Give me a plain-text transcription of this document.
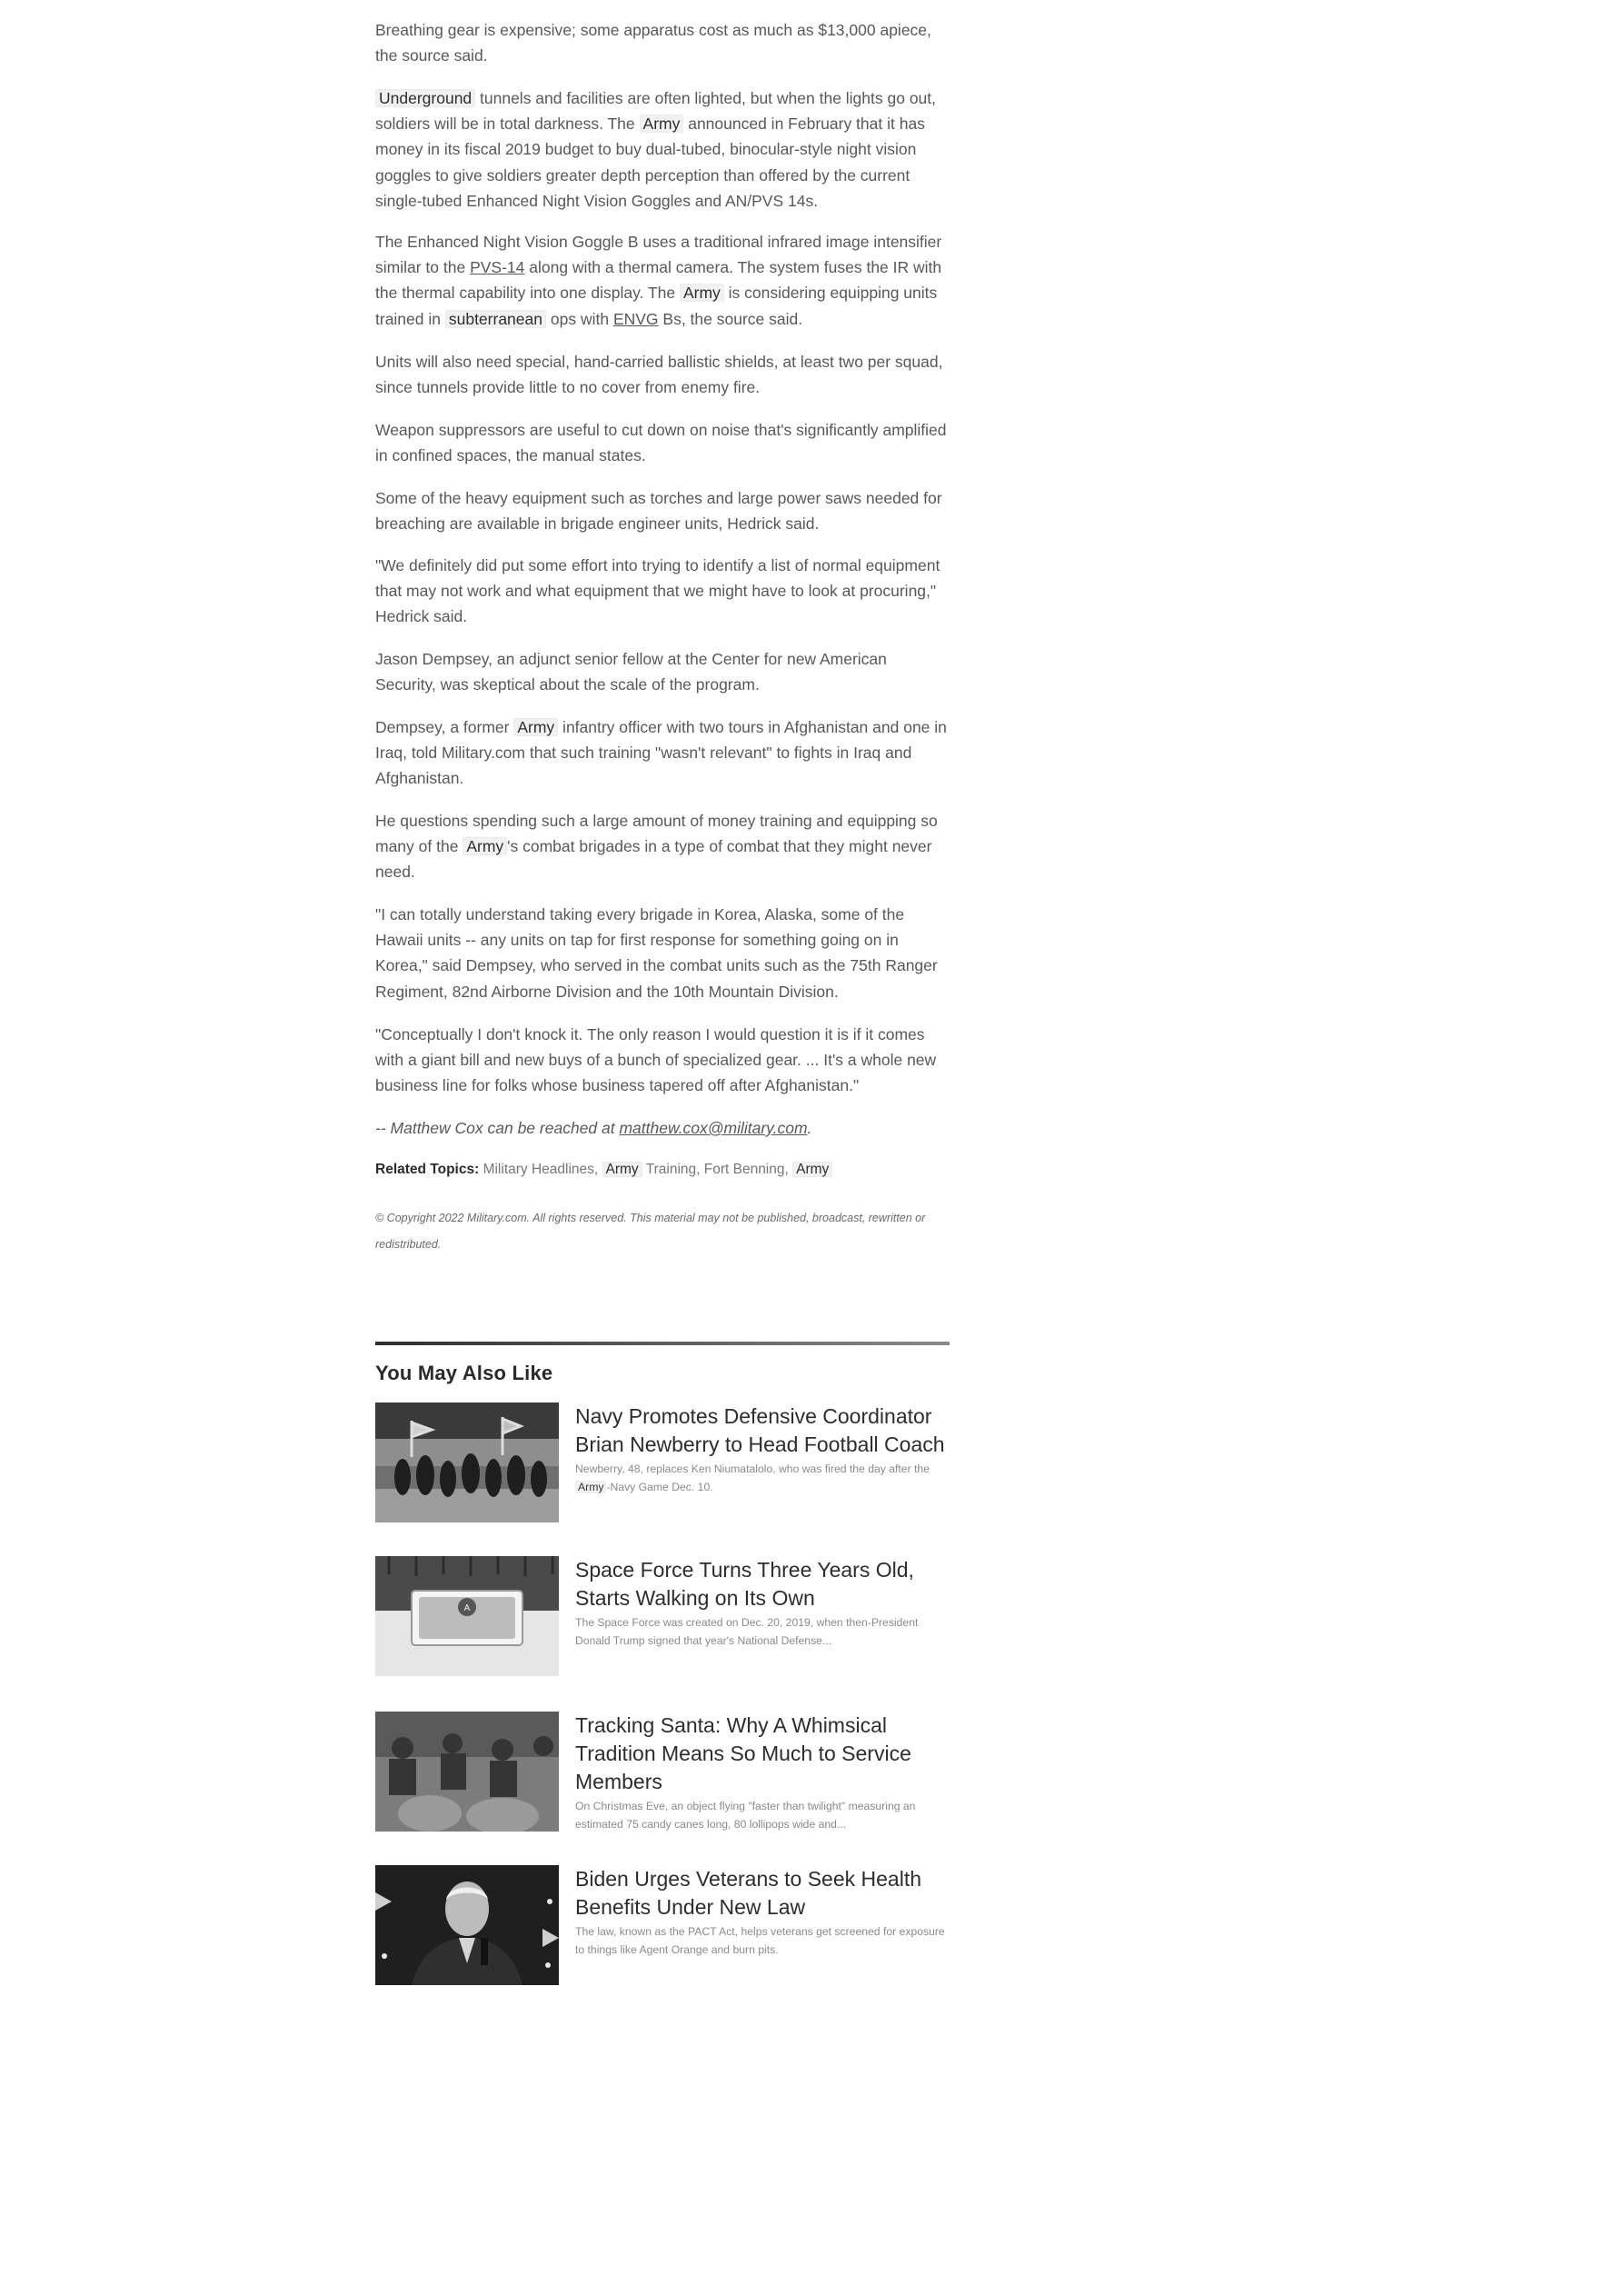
Breathing gear is expensive; some apparatus cost as much as $13,000 apiece, the source said.

Underground tunnels and facilities are often lighted, but when the lights go out, soldiers will be in total darkness. The Army announced in February that it has money in its fiscal 2019 budget to buy dual-tubed, binocular-style night vision goggles to give soldiers greater depth perception than offered by the current single-tubed Enhanced Night Vision Goggles and AN/PVS 14s.

The Enhanced Night Vision Goggle B uses a traditional infrared image intensifier similar to the PVS-14 along with a thermal camera. The system fuses the IR with the thermal capability into one display. The Army is considering equipping units trained in subterranean ops with ENVG Bs, the source said.

Units will also need special, hand-carried ballistic shields, at least two per squad, since tunnels provide little to no cover from enemy fire.

Weapon suppressors are useful to cut down on noise that's significantly amplified in confined spaces, the manual states.

Some of the heavy equipment such as torches and large power saws needed for breaching are available in brigade engineer units, Hedrick said.

"We definitely did put some effort into trying to identify a list of normal equipment that may not work and what equipment that we might have to look at procuring," Hedrick said.

Jason Dempsey, an adjunct senior fellow at the Center for new American Security, was skeptical about the scale of the program.

Dempsey, a former Army infantry officer with two tours in Afghanistan and one in Iraq, told Military.com that such training "wasn't relevant" to fights in Iraq and Afghanistan.

He questions spending such a large amount of money training and equipping so many of the Army 's combat brigades in a type of combat that they might never need.

"I can totally understand taking every brigade in Korea, Alaska, some of the Hawaii units -- any units on tap for first response for something going on in Korea," said Dempsey, who served in the combat units such as the 75th Ranger Regiment, 82nd Airborne Division and the 10th Mountain Division.

"Conceptually I don't knock it. The only reason I would question it is if it comes with a giant bill and new buys of a bunch of specialized gear. ... It's a whole new business line for folks whose business tapered off after Afghanistan."

-- Matthew Cox can be reached at matthew.cox@military.com.

Related Topics: Military Headlines, Army Training, Fort Benning, Army
© Copyright 2022 Military.com. All rights reserved. This material may not be published, broadcast, rewritten or redistributed.
You May Also Like

Navy Promotes Defensive Coordinator Brian Newberry to Head Football Coach

Newberry, 48, replaces Ken Niumatalolo, who was fired the day after the Army -Navy Game Dec. 10.

A

Space Force Turns Three Years Old, Starts Walking on Its Own

The Space Force was created on Dec. 20, 2019, when then-President Donald Trump signed that year's National Defense...

Tracking Santa: Why A Whimsical Tradition Means So Much to Service Members

On Christmas Eve, an object flying "faster than twilight" measuring an estimated 75 candy canes long, 80 lollipops wide and...

Biden Urges Veterans to Seek Health Benefits Under New Law

The law, known as the PACT Act, helps veterans get screened for exposure to things like Agent Orange and burn pits.
